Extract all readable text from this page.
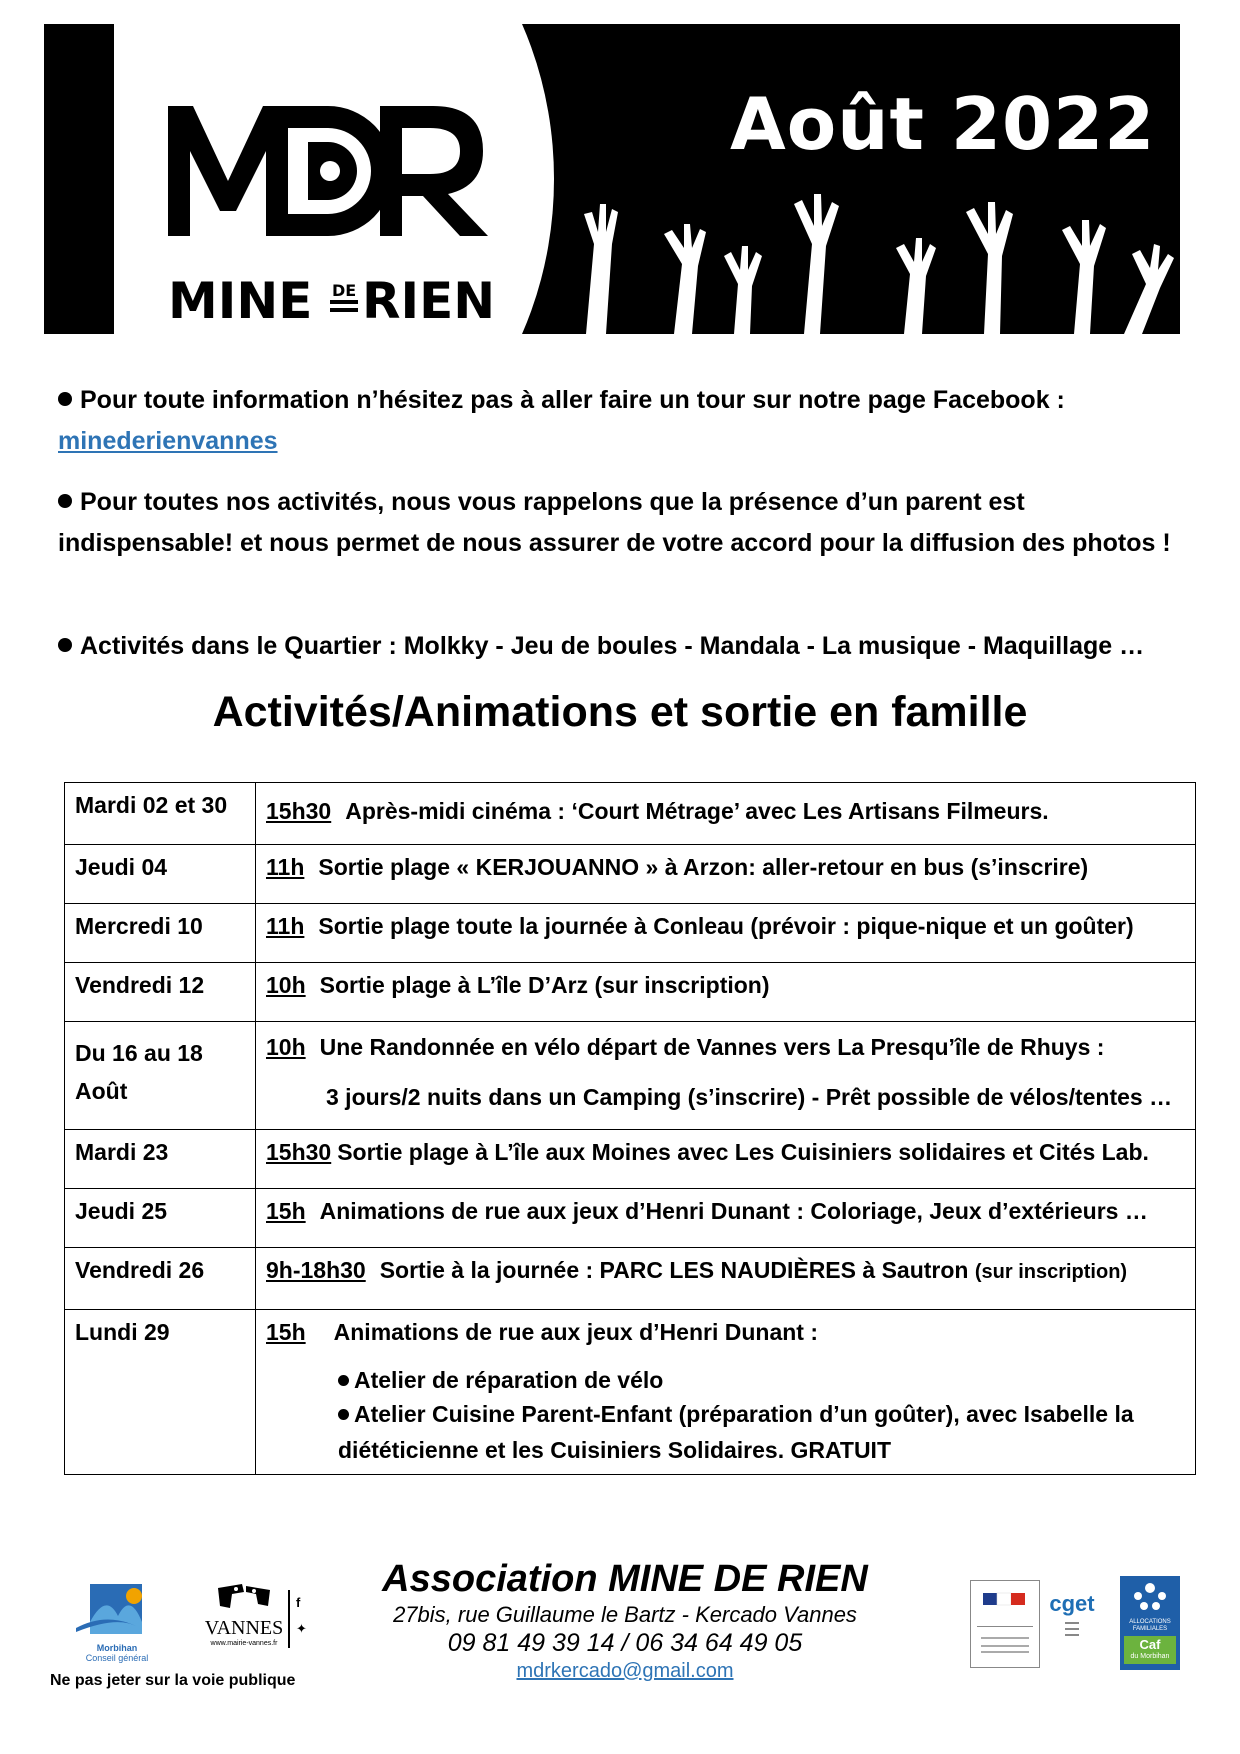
MINE DE RIEN
Août 2022
Pour toute information n’hésitez pas à aller faire un tour sur notre page Facebook :
minederienvannes
Pour toutes nos activités, nous vous rappelons que la présence d’un parent est indispensable! et nous permet de nous assurer de votre accord pour la diffusion des photos !
Activités dans le Quartier : Molkky - Jeu de boules - Mandala - La musique - Maquillage …
Activités/Animations et sortie en famille
Mardi 02 et 30	15h30 Après-midi cinéma : ‘Court Métrage’ avec Les Artisans Filmeurs.
Jeudi 04	11h Sortie plage « KERJOUANNO » à Arzon: aller-retour en bus (s’inscrire)
Mercredi 10	11h Sortie plage toute la journée à Conleau (prévoir : pique-nique et un goûter)
Vendredi 12	10h Sortie plage à L’île D’Arz (sur inscription)
Du 16 au 18 Août	10h Une Randonnée en vélo départ de Vannes vers La Presqu’île de Rhuys :
3 jours/2 nuits dans un Camping (s’inscrire) - Prêt possible de vélos/tentes …

Mardi 23	15h30 Sortie plage à L’île aux Moines avec Les Cuisiniers solidaires et Cités Lab.
Jeudi 25	15h Animations de rue aux jeux d’Henri Dunant : Coloriage, Jeux d’extérieurs …
Vendredi 26	9h-18h30 Sortie à la journée : PARC LES NAUDIÈRES à Sautron (sur inscription)
Lundi 29	15h Animations de rue aux jeux d’Henri Dunant :
Atelier de réparation de vélo
Atelier Cuisine Parent-Enfant (préparation d’un goûter), avec Isabelle la diététicienne et les Cuisiniers Solidaires. GRATUIT
Morbihan
Conseil général
VANNES
www.mairie-vannes.fr
f
✦
Association MINE DE RIEN
27bis, rue Guillaume le Bartz - Kercado Vannes
09 81 49 39 14 / 06 34 64 49 05
mdrkercado@gmail.com
Ne pas jeter sur la voie publique
cget
ALLOCATIONS FAMILIALES
Caf
du Morbihan
